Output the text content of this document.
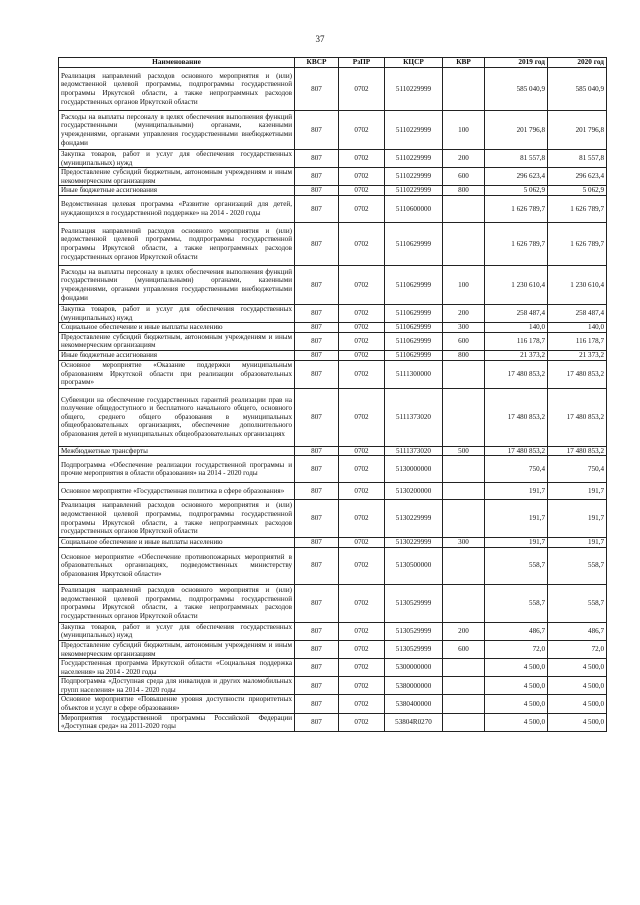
37
Наименование	КВСР	РзПР	КЦСР	КВР	2019 год	2020 год
Реализация направлений расходов основного мероприятия и (или) ведомственной целевой программы, подпрограммы государственной программы Иркутской области, а также непрограммных расходов государственных органов Иркутской области	807	0702	5110229999		585 040,9	585 040,9
Расходы на выплаты персоналу в целях обеспечения выполнения функций государственными (муниципальными) органами, казенными учреждениями, органами управления государственными внебюджетными фондами	807	0702	5110229999	100	201 796,8	201 796,8
Закупка товаров, работ и услуг для обеспечения государственных (муниципальных) нужд	807	0702	5110229999	200	81 557,8	81 557,8
Предоставление субсидий бюджетным, автономным учреждениям и иным некоммерческим организациям	807	0702	5110229999	600	296 623,4	296 623,4
Иные бюджетные ассигнования	807	0702	5110229999	800	5 062,9	5 062,9
Ведомственная целевая программа «Развитие организаций для детей, нуждающихся в государственной поддержке» на 2014 - 2020 годы	807	0702	5110600000		1 626 789,7	1 626 789,7
Реализация направлений расходов основного мероприятия и (или) ведомственной целевой программы, подпрограммы государственной программы Иркутской области, а также непрограммных расходов государственных органов Иркутской области	807	0702	5110629999		1 626 789,7	1 626 789,7
Расходы на выплаты персоналу в целях обеспечения выполнения функций государственными (муниципальными) органами, казенными учреждениями, органами управления государственными внебюджетными фондами	807	0702	5110629999	100	1 230 610,4	1 230 610,4
Закупка товаров, работ и услуг для обеспечения государственных (муниципальных) нужд	807	0702	5110629999	200	258 487,4	258 487,4
Социальное обеспечение и иные выплаты населению	807	0702	5110629999	300	140,0	140,0
Предоставление субсидий бюджетным, автономным учреждениям и иным некоммерческим организациям	807	0702	5110629999	600	116 178,7	116 178,7
Иные бюджетные ассигнования	807	0702	5110629999	800	21 373,2	21 373,2
Основное мероприятие «Оказание поддержки муниципальным образованиям Иркутской области при реализации образовательных программ»	807	0702	5111300000		17 480 853,2	17 480 853,2
Субвенции на обеспечение государственных гарантий реализации прав на получение общедоступного и бесплатного начального общего, основного общего, среднего общего образования в муниципальных общеобразовательных организациях, обеспечение дополнительного образования детей в муниципальных общеобразовательных организациях	807	0702	5111373020		17 480 853,2	17 480 853,2
Межбюджетные трансферты	807	0702	5111373020	500	17 480 853,2	17 480 853,2
Подпрограмма «Обеспечение реализации государственной программы и прочие мероприятия в области образования» на 2014 - 2020 годы	807	0702	5130000000		750,4	750,4
Основное мероприятие «Государственная политика в сфере образования»	807	0702	5130200000		191,7	191,7
Реализация направлений расходов основного мероприятия и (или) ведомственной целевой программы, подпрограммы государственной программы Иркутской области, а также непрограммных расходов государственных органов Иркутской области	807	0702	5130229999		191,7	191,7
Социальное обеспечение и иные выплаты населению	807	0702	5130229999	300	191,7	191,7
Основное мероприятие «Обеспечение противопожарных мероприятий в образовательных организациях, подведомственных министерству образования Иркутской области»	807	0702	5130500000		558,7	558,7
Реализация направлений расходов основного мероприятия и (или) ведомственной целевой программы, подпрограммы государственной программы Иркутской области, а также непрограммных расходов государственных органов Иркутской области	807	0702	5130529999		558,7	558,7
Закупка товаров, работ и услуг для обеспечения государственных (муниципальных) нужд	807	0702	5130529999	200	486,7	486,7
Предоставление субсидий бюджетным, автономным учреждениям и иным некоммерческим организациям	807	0702	5130529999	600	72,0	72,0
Государственная программа Иркутской области «Социальная поддержка населения» на 2014 - 2020 годы	807	0702	5300000000		4 500,0	4 500,0
Подпрограмма «Доступная среда для инвалидов и других маломобильных групп населения» на 2014 - 2020 годы	807	0702	5380000000		4 500,0	4 500,0
Основное мероприятие «Повышение уровня доступности приоритетных объектов и услуг в сфере образования»	807	0702	5380400000		4 500,0	4 500,0
Мероприятия государственной программы Российской Федерации «Доступная среда» на 2011-2020 годы	807	0702	53804R0270		4 500,0	4 500,0
